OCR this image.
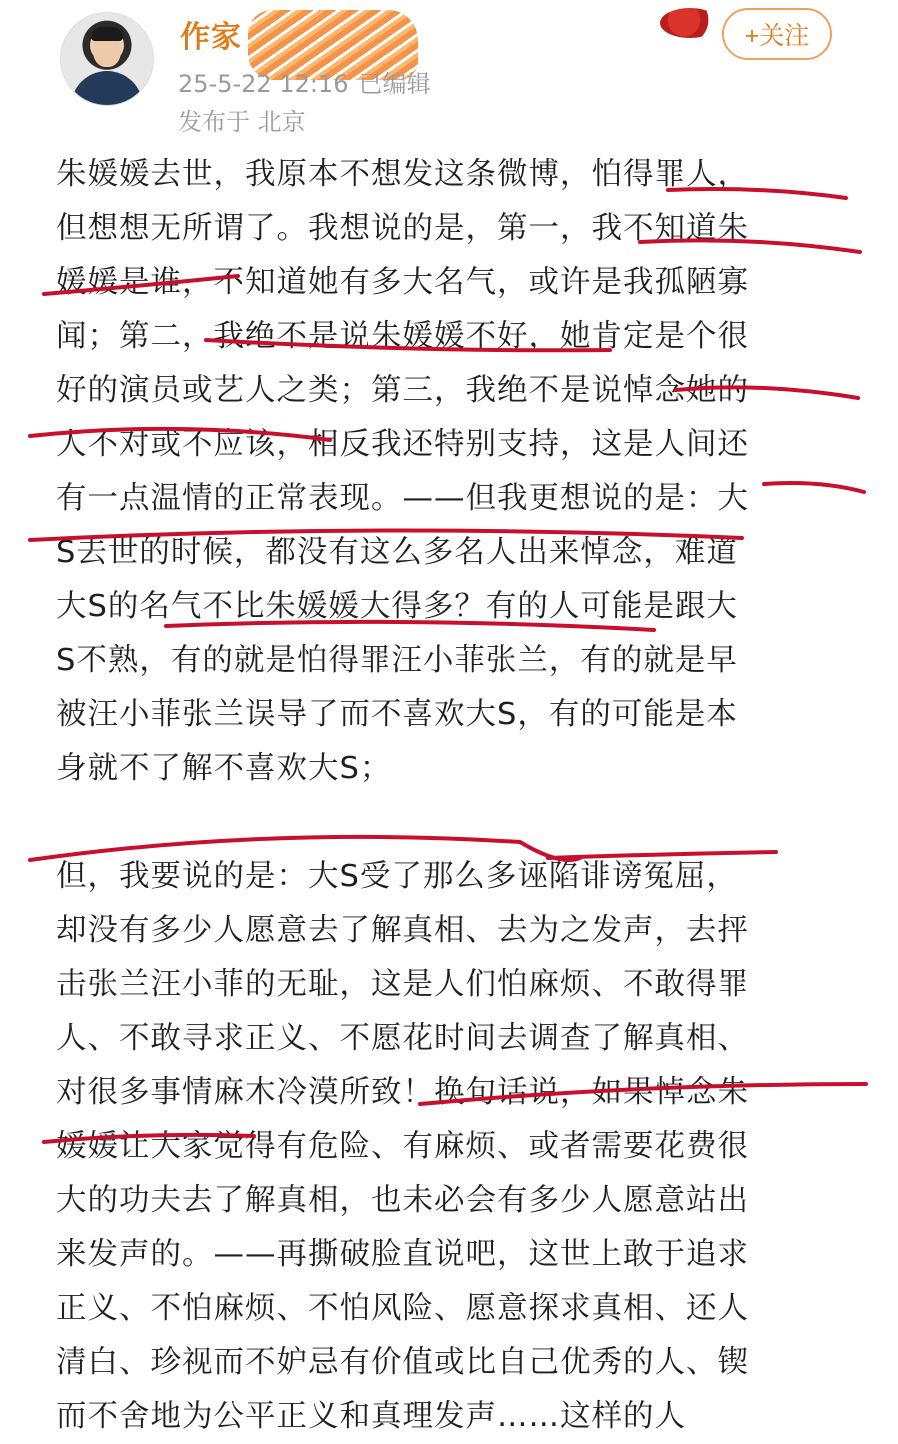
作家
25-5-22 12:16 已编辑
发布于 北京
+关注

朱媛媛去世，我原本不想发这条微博，怕得罪人，
但想想无所谓了。我想说的是，第一，我不知道朱
媛媛是谁，不知道她有多大名气，或许是我孤陋寡
闻；第二，我绝不是说朱媛媛不好，她肯定是个很
好的演员或艺人之类；第三，我绝不是说悼念她的
人不对或不应该，相反我还特别支持，这是人间还
有一点温情的正常表现。——但我更想说的是：大
S去世的时候，都没有这么多名人出来悼念，难道
大S的名气不比朱媛媛大得多？有的人可能是跟大
S不熟，有的就是怕得罪汪小菲张兰，有的就是早
被汪小菲张兰误导了而不喜欢大S，有的可能是本
身就不了解不喜欢大S；

但，我要说的是：大S受了那么多诬陷诽谤冤屈，
却没有多少人愿意去了解真相、去为之发声，去抨
击张兰汪小菲的无耻，这是人们怕麻烦、不敢得罪
人、不敢寻求正义、不愿花时间去调查了解真相、
对很多事情麻木冷漠所致！换句话说，如果悼念朱
媛媛让大家觉得有危险、有麻烦、或者需要花费很
大的功夫去了解真相，也未必会有多少人愿意站出
来发声的。——再撕破脸直说吧，这世上敢于追求
正义、不怕麻烦、不怕风险、愿意探求真相、还人
清白、珍视而不妒忌有价值或比自己优秀的人、锲
而不舍地为公平正义和真理发声……这样的人
